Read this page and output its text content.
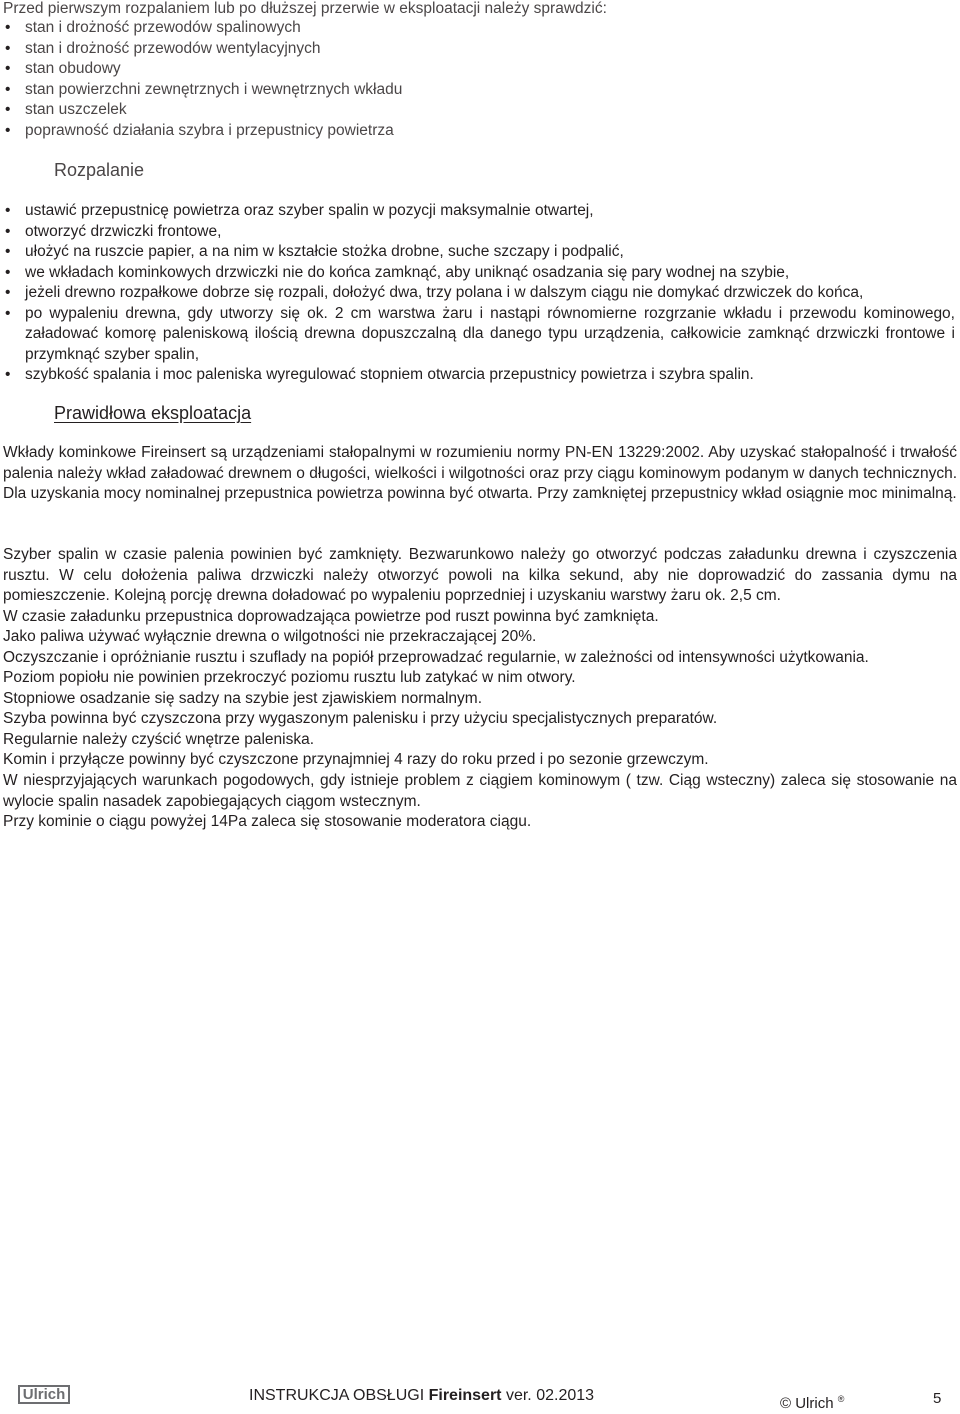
Przed pierwszym rozpalaniem lub po dłuższej przerwie w eksploatacji należy sprawdzić:
• stan i drożność przewodów spalinowych
• stan i drożność przewodów wentylacyjnych
• stan obudowy
• stan powierzchni zewnętrznych i wewnętrznych wkładu
• stan uszczelek
• poprawność działania szybra i przepustnicy powietrza
Rozpalanie
• ustawić przepustnicę powietrza oraz szyber spalin w pozycji maksymalnie otwartej,
• otworzyć drzwiczki frontowe,
• ułożyć na ruszcie papier, a na nim w kształcie stożka drobne, suche szczapy i podpalić,
• we wkładach kominkowych drzwiczki nie do końca zamknąć, aby uniknąć osadzania się pary wodnej na szybie,
• jeżeli drewno rozpałkowe dobrze się rozpali, dołożyć dwa, trzy polana i w dalszym ciągu nie domykać drzwiczek do końca,
• po wypaleniu drewna, gdy utworzy się ok. 2 cm warstwa żaru i nastąpi równomierne rozgrzanie wkładu i przewodu kominowego, załadować komorę paleniskową ilością drewna dopuszczalną dla danego typu urządzenia, całkowicie zamknąć drzwiczki frontowe i przymknąć szyber spalin,
• szybkość spalania i moc paleniska wyregulować stopniem otwarcia przepustnicy powietrza i szybra spalin.
Prawidłowa eksploatacja
Wkłady kominkowe Fireinsert są urządzeniami stałopalnymi w rozumieniu normy PN-EN 13229:2002. Aby uzyskać stałopalność i trwałość palenia należy wkład załadować drewnem o długości, wielkości i wilgotności oraz przy ciągu kominowym podanym w danych technicznych. Dla uzyskania mocy nominalnej przepustnica powietrza powinna być otwarta. Przy zamkniętej przepustnicy wkład osiągnie moc minimalną.

Szyber spalin w czasie palenia powinien być zamknięty. Bezwarunkowo należy go otworzyć podczas załadunku drewna i czyszczenia rusztu. W celu dołożenia paliwa drzwiczki należy otworzyć powoli na kilka sekund, aby nie doprowadzić do zassania dymu na pomieszczenie. Kolejną porcję drewna doładować po wypaleniu poprzedniej i uzyskaniu warstwy żaru ok. 2,5 cm.

W czasie załadunku przepustnica doprowadzająca powietrze pod ruszt powinna być zamknięta.

Jako paliwa używać wyłącznie drewna o wilgotności nie przekraczającej 20%.

Oczyszczanie i opróżnianie rusztu i szuflady na popiół przeprowadzać regularnie, w zależności od intensywności użytkowania.

Poziom popiołu nie powinien przekroczyć poziomu rusztu lub zatykać w nim otwory.

Stopniowe osadzanie się sadzy na szybie jest zjawiskiem normalnym.

Szyba powinna być czyszczona przy wygaszonym palenisku i przy użyciu specjalistycznych preparatów.

Regularnie należy czyścić wnętrze paleniska.

Komin i przyłącze powinny być czyszczone przynajmniej 4 razy do roku przed i po sezonie grzewczym.

W niesprzyjających warunkach pogodowych, gdy istnieje problem z ciągiem kominowym ( tzw. Ciąg wsteczny) zaleca się stosowanie na wylocie spalin nasadek zapobiegających ciągom wstecznym.

Przy kominie o ciągu powyżej 14Pa zaleca się stosowanie moderatora ciągu.

Ulrich	INSTRUKCJA OBSŁUGI Fireinsert ver. 02.2013	© Ulrich ®	5
